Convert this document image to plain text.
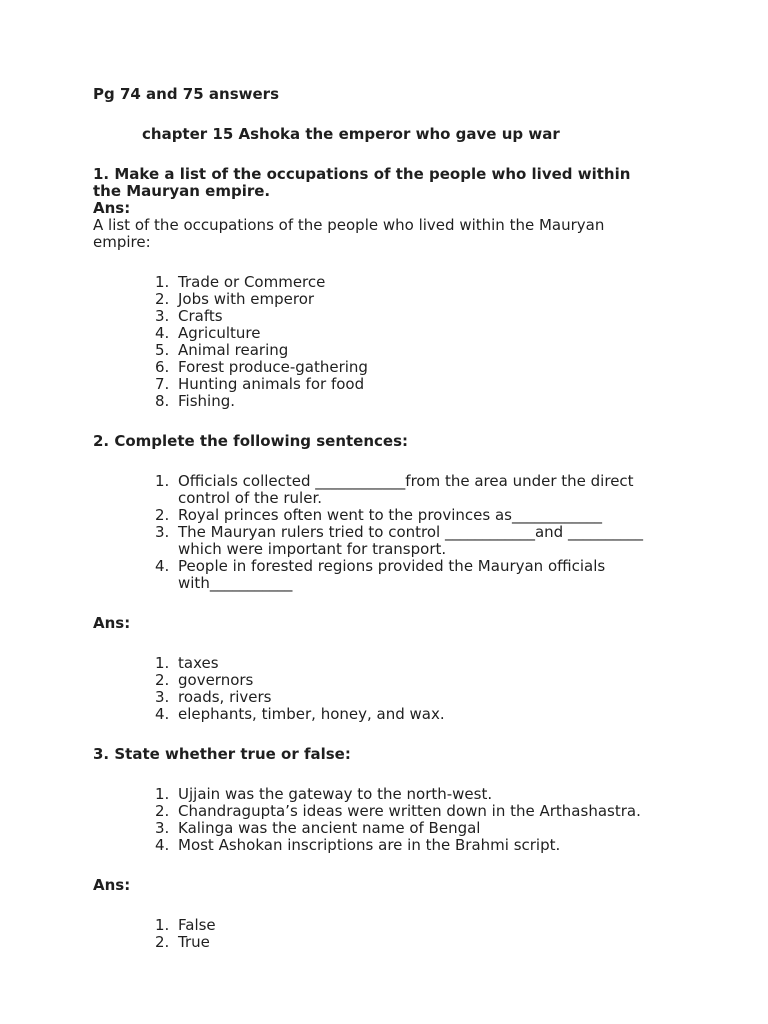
Pg 74 and 75 answers

chapter 15 Ashoka the emperor who gave up war

1. Make a list of the occupations of the people who lived within the Mauryan empire.

Ans:

A list of the occupations of the people who lived within the Mauryan empire:

1. Trade or Commerce
2. Jobs with emperor
3. Crafts
4. Agriculture
5. Animal rearing
6. Forest produce-gathering
7. Hunting animals for food
8. Fishing.

2. Complete the following sentences:

1. Officials collected ____________from the area under the direct control of the ruler.
2. Royal princes often went to the provinces as____________
3. The Mauryan rulers tried to control ____________and __________ which were important for transport.
4. People in forested regions provided the Mauryan officials with___________

Ans:

1. taxes
2. governors
3. roads, rivers
4. elephants, timber, honey, and wax.

3. State whether true or false:

1. Ujjain was the gateway to the north-west.
2. Chandragupta’s ideas were written down in the Arthashastra.
3. Kalinga was the ancient name of Bengal
4. Most Ashokan inscriptions are in the Brahmi script.

Ans:

1. False
2. True
